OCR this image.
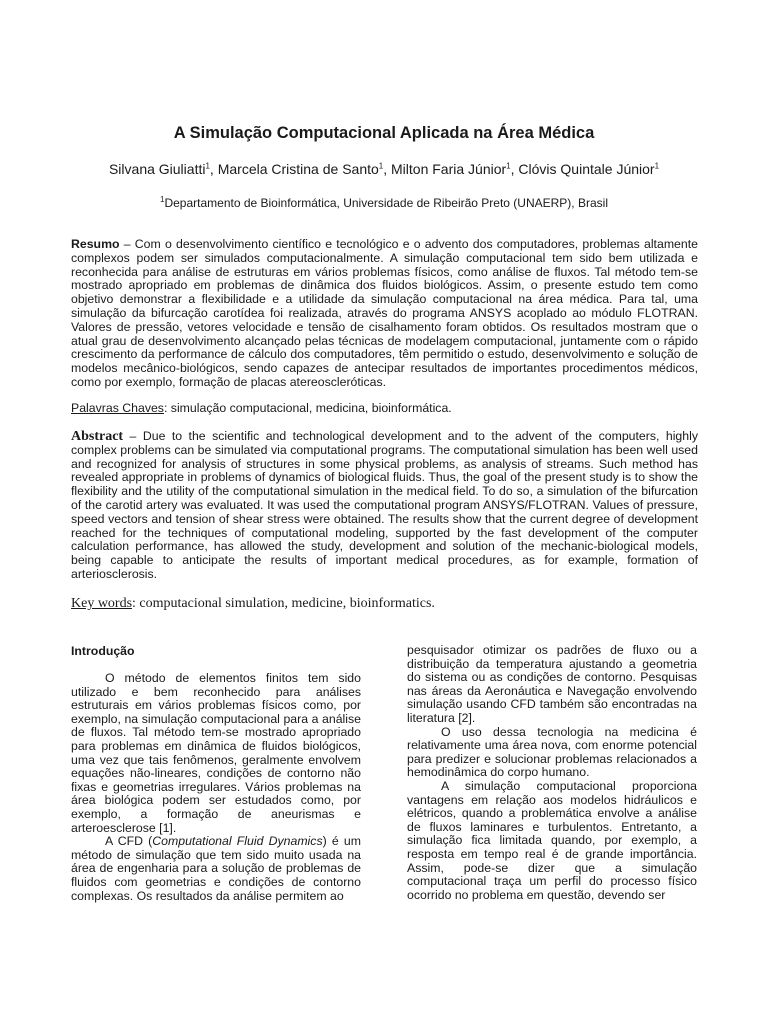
A Simulação Computacional Aplicada na Área Médica
Silvana Giuliatti$^1$, Marcela Cristina de Santo$^1$, Milton Faria Júnior$^1$, Clóvis Quintale Júnior$^1$
$^1$Departamento de Bioinformática, Universidade de Ribeirão Preto (UNAERP), Brasil

Resumo – Com o desenvolvimento científico e tecnológico e o advento dos computadores, problemas altamente complexos podem ser simulados computacionalmente. A simulação computacional tem sido bem utilizada e reconhecida para análise de estruturas em vários problemas físicos, como análise de fluxos. Tal método tem-se mostrado apropriado em problemas de dinâmica dos fluidos biológicos. Assim, o presente estudo tem como objetivo demonstrar a flexibilidade e a utilidade da simulação computacional na área médica. Para tal, uma simulação da bifurcação carotídea foi realizada, através do programa ANSYS acoplado ao módulo FLOTRAN. Valores de pressão, vetores velocidade e tensão de cisalhamento foram obtidos. Os resultados mostram que o atual grau de desenvolvimento alcançado pelas técnicas de modelagem computacional, juntamente com o rápido crescimento da performance de cálculo dos computadores, têm permitido o estudo, desenvolvimento e solução de modelos mecânico-biológicos, sendo capazes de antecipar resultados de importantes procedimentos médicos, como por exemplo, formação de placas atereoscleróticas.

Palavras Chaves: simulação computacional, medicina, bioinformática.

Abstract – Due to the scientific and technological development and to the advent of the computers, highly complex problems can be simulated via computational programs. The computational simulation has been well used and recognized for analysis of structures in some physical problems, as analysis of streams. Such method has revealed appropriate in problems of dynamics of biological fluids. Thus, the goal of the present study is to show the flexibility and the utility of the computational simulation in the medical field. To do so, a simulation of the bifurcation of the carotid artery was evaluated. It was used the computational program ANSYS/FLOTRAN. Values of pressure, speed vectors and tension of shear stress were obtained. The results show that the current degree of development reached for the techniques of computational modeling, supported by the fast development of the computer calculation performance, has allowed the study, development and solution of the mechanic-biological models, being capable to anticipate the results of important medical procedures, as for example, formation of arteriosclerosis.

Key words: computacional simulation, medicine, bioinformatics.

Introdução

O método de elementos finitos tem sido utilizado e bem reconhecido para análises estruturais em vários problemas físicos como, por exemplo, na simulação computacional para a análise de fluxos. Tal método tem-se mostrado apropriado para problemas em dinâmica de fluidos biológicos, uma vez que tais fenômenos, geralmente envolvem equações não-lineares, condições de contorno não fixas e geometrias irregulares. Vários problemas na área biológica podem ser estudados como, por exemplo, a formação de aneurismas e arteroesclerose [1].

A CFD (Computational Fluid Dynamics) é um método de simulação que tem sido muito usada na área de engenharia para a solução de problemas de fluidos com geometrias e condições de contorno complexas. Os resultados da análise permitem ao

pesquisador otimizar os padrões de fluxo ou a distribuição da temperatura ajustando a geometria do sistema ou as condições de contorno. Pesquisas nas áreas da Aeronáutica e Navegação envolvendo simulação usando CFD também são encontradas na literatura [2].

O uso dessa tecnologia na medicina é relativamente uma área nova, com enorme potencial para predizer e solucionar problemas relacionados a hemodinâmica do corpo humano.

A simulação computacional proporciona vantagens em relação aos modelos hidráulicos e elétricos, quando a problemática envolve a análise de fluxos laminares e turbulentos. Entretanto, a simulação fica limitada quando, por exemplo, a resposta em tempo real é de grande importância. Assim, pode-se dizer que a simulação computacional traça um perfil do processo físico ocorrido no problema em questão, devendo ser
